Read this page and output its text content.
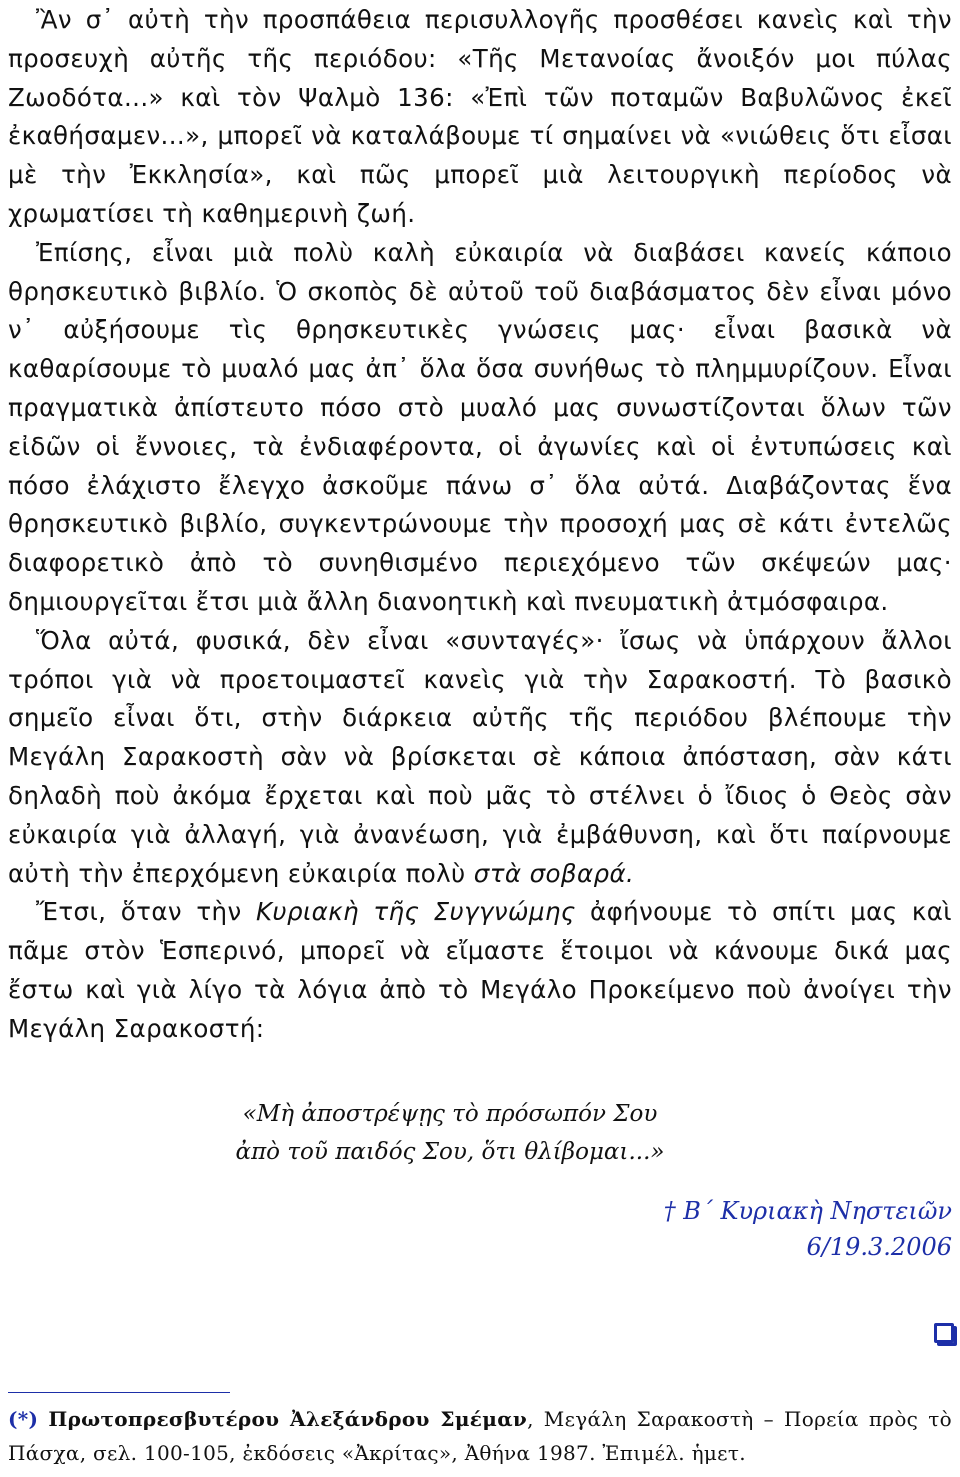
Ἂν σ᾽ αὐτὴ τὴν προσπάθεια περισυλλογῆς προσθέσει κανεὶς καὶ τὴν προσευχὴ αὐτῆς τῆς περιόδου: «Τῆς Μετανοίας ἄνοιξόν μοι πύλας Ζωοδότα...» καὶ τὸν Ψαλμὸ 136: «Ἐπὶ τῶν ποταμῶν Βαβυλῶνος ἐκεῖ ἐκαθήσαμεν...», μπορεῖ νὰ καταλάβουμε τί σημαίνει νὰ «νιώθεις ὅτι εἶσαι μὲ τὴν Ἐκκλησία», καὶ πῶς μπορεῖ μιὰ λειτουργικὴ περίοδος νὰ χρωματίσει τὴ καθημερινὴ ζωή.

Ἐπίσης, εἶναι μιὰ πολὺ καλὴ εὐκαιρία νὰ διαβάσει κανείς κάποιο θρησκευτικὸ βιβλίο. Ὁ σκοπὸς δὲ αὐτοῦ τοῦ διαβάσματος δὲν εἶναι μόνο ν᾽ αὐξήσουμε τὶς θρησκευτικὲς γνώσεις μας· εἶναι βασικὰ νὰ καθαρίσουμε τὸ μυαλό μας ἀπ᾽ ὅλα ὅσα συνήθως τὸ πλημμυρίζουν. Εἶναι πραγματικὰ ἀπίστευτο πόσο στὸ μυαλό μας συνωστίζονται ὅλων τῶν εἰδῶν οἱ ἔννοιες, τὰ ἐνδιαφέροντα, οἱ ἀγωνίες καὶ οἱ ἐντυπώσεις καὶ πόσο ἐλάχιστο ἔλεγχο ἀσκοῦμε πάνω σ᾽ ὅλα αὐτά. Διαβάζοντας ἕνα θρησκευτικὸ βιβλίο, συγκεντρώνουμε τὴν προσοχή μας σὲ κάτι ἐντελῶς διαφορετικὸ ἀπὸ τὸ συνηθισμένο περιεχόμενο τῶν σκέψεών μας· δημιουργεῖται ἔτσι μιὰ ἄλλη διανοητικὴ καὶ πνευματικὴ ἀτμόσφαιρα.

Ὅλα αὐτά, φυσικά, δὲν εἶναι «συνταγές»· ἴσως νὰ ὑπάρχουν ἄλλοι τρόποι γιὰ νὰ προετοιμαστεῖ κανεὶς γιὰ τὴν Σαρακοστή. Τὸ βασικὸ σημεῖο εἶναι ὅτι, στὴν διάρκεια αὐτῆς τῆς περιόδου βλέπουμε τὴν Μεγάλη Σαρακοστὴ σὰν νὰ βρίσκεται σὲ κάποια ἀπόσταση, σὰν κάτι δηλαδὴ ποὺ ἀκόμα ἔρχεται καὶ ποὺ μᾶς τὸ στέλνει ὁ ἴδιος ὁ Θεὸς σὰν εὐκαιρία γιὰ ἀλλαγή, γιὰ ἀνανέωση, γιὰ ἐμβάθυνση, καὶ ὅτι παίρνουμε αὐτὴ τὴν ἐπερχόμενη εὐκαιρία πολὺ στὰ σοβαρά.

Ἔτσι, ὅταν τὴν Κυριακὴ τῆς Συγγνώμης ἀφήνουμε τὸ σπίτι μας καὶ πᾶμε στὸν Ἑσπερινό, μπορεῖ νὰ εἴμαστε ἕτοιμοι νὰ κάνουμε δικά μας ἔστω καὶ γιὰ λίγο τὰ λόγια ἀπὸ τὸ Μεγάλο Προκείμενο ποὺ ἀνοίγει τὴν Μεγάλη Σαρακοστή:

«Μὴ ἀποστρέψῃς τὸ πρόσωπόν Σου
ἀπὸ τοῦ παιδός Σου, ὅτι θλίβομαι...»

† Β΄ Κυριακὴ Νηστειῶν

6/19.3.2006

(*) Πρωτοπρεσβυτέρου Ἀλεξάνδρου Σμέμαν, Μεγάλη Σαρακοστὴ – Πορεία πρὸς τὸ Πάσχα, σελ. 100-105, ἐκδόσεις «Ἀκρίτας», Ἀθήνα 1987. Ἐπιμέλ. ἡμετ.
